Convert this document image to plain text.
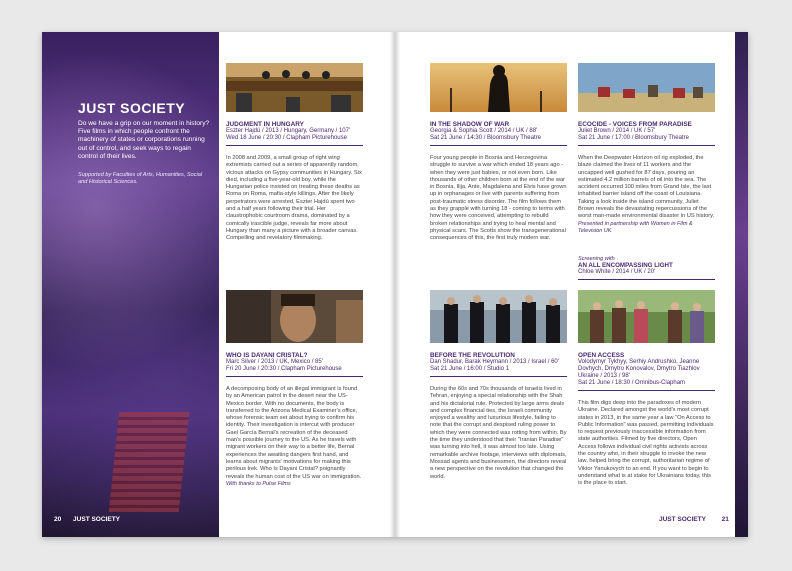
JUST SOCIETY
Do we have a grip on our moment in history? Five films in which people confront the machinery of states or corporations running out of control, and seek ways to regain control of their lives.
Supported by Faculties of Arts, Humanities, Social and Historical Sciences.
20 JUST SOCIETY
JUDGMENT IN HUNGARY
Eszter Hajdú / 2013 / Hungary, Germany / 107'
Wed 18 June / 20:30 / Clapham Picturehouse
In 2008 and 2009, a small group of right wing extremists carried out a series of apparently random, vicious attacks on Gypsy communities in Hungary. Six died, including a five-year-old boy, while the Hungarian police insisted on treating these deaths as Roma on Roma, mafia-style killings. After the likely perpetrators were arrested, Eszter Hajdú spent two and a half years following their trial. Her claustrophobic courtroom drama, dominated by a comically irascible judge, reveals far more about Hungary than many a picture with a broader canvas. Compelling and revelatory filmmaking.
WHO IS DAYANI CRISTAL?
Marc Silver / 2013 / UK, Mexico / 85'
Fri 20 June / 20:30 / Clapham Picturehouse
A decomposing body of an illegal immigrant is found by an American patrol in the desert near the US-Mexico border. With no documents, the body is transferred to the Arizona Medical Examiner's office, whose forensic team set about trying to confirm his identity. Their investigation is intercut with producer Gael García Bernal's recreation of the deceased man's possible journey to the US. As he travels with migrant workers on their way to a better life, Bernal experiences the awaiting dangers first hand, and learns about migrants' motivations for making this perilous trek. Who Is Dayani Cristal? poignantly reveals the human cost of the US war on immigration.
With thanks to Pulse Films
IN THE SHADOW OF WAR
Georgia & Sophia Scott / 2014 / UK / 88'
Sat 21 June / 14:30 / Bloomsbury Theatre
Four young people in Bosnia and Herzegovina struggle to survive a war which ended 18 years ago - when they were just babies, or not even born. Like thousands of other children born at the end of the war in Bosnia, Ilija, Ante, Magdalena and Elvis have grown up in orphanages or live with parents suffering from post-traumatic stress disorder. The film follows them as they grapple with turning 18 - coming to terms with how they were conceived, attempting to rebuild broken relationships and trying to heal mental and physical scars. The Scotts show the transgenerational consequences of this, the first truly modern war.
ECOCIDE - VOICES FROM PARADISE
Juliet Brown / 2014 / UK / 57'
Sat 21 June / 17:00 / Bloomsbury Theatre
When the Deepwater Horizon oil rig exploded, the blaze claimed the lives of 11 workers and the uncapped well gushed for 87 days, pouring an estimated 4.2 million barrels of oil into the sea. The accident occurred 100 miles from Grand Isle, the last inhabited barrier island off the coast of Louisiana. Taking a look inside the island community, Juliet Brown reveals the devastating repercussions of the worst man-made environmental disaster in US history.
Presented in partnership with Women in Film & Television UK
Screening with
AN ALL ENCOMPASSING LIGHT
Chloe White / 2014 / UK / 20'
BEFORE THE REVOLUTION
Dan Shadur, Barak Heymann / 2013 / Israel / 60'
Sat 21 June / 16:00 / Studio 1
During the 60s and 70s thousands of Israelis lived in Tehran, enjoying a special relationship with the Shah and his dictatorial rule. Protected by large arms deals and complex financial ties, the Israeli community enjoyed a wealthy and luxurious lifestyle, failing to note that the corrupt and despised ruling power to which they were connected was rotting from within. By the time they understood that their "Iranian Paradise" was turning into hell, it was almost too late. Using remarkable archive footage, interviews with diplomats, Mossad agents and businessmen, the directors reveal a new perspective on the revolution that changed the world.
OPEN ACCESS
Volodymyr Tykhyy, Serhiy Andrushko, Jeanne Dovhych, Dmytro Konovalov, Dmytro Tiazhlov Ukraine / 2013 / 98'
Sat 21 June / 18:30 / Omnibus-Clapham
This film digs deep into the paradoxes of modern Ukraine. Declared amongst the world's most corrupt states in 2013, in the same year a law "On Access to Public Information" was passed, permitting individuals to request previously inaccessible information from state authorities. Filmed by five directors, Open Access follows individual civil rights activists across the country who, in their struggle to invoke the new law, helped bring the corrupt, authoritarian regime of Viktor Yanukovych to an end. If you want to begin to understand what is at stake for Ukrainians today, this is the place to start.
JUST SOCIETY 21
